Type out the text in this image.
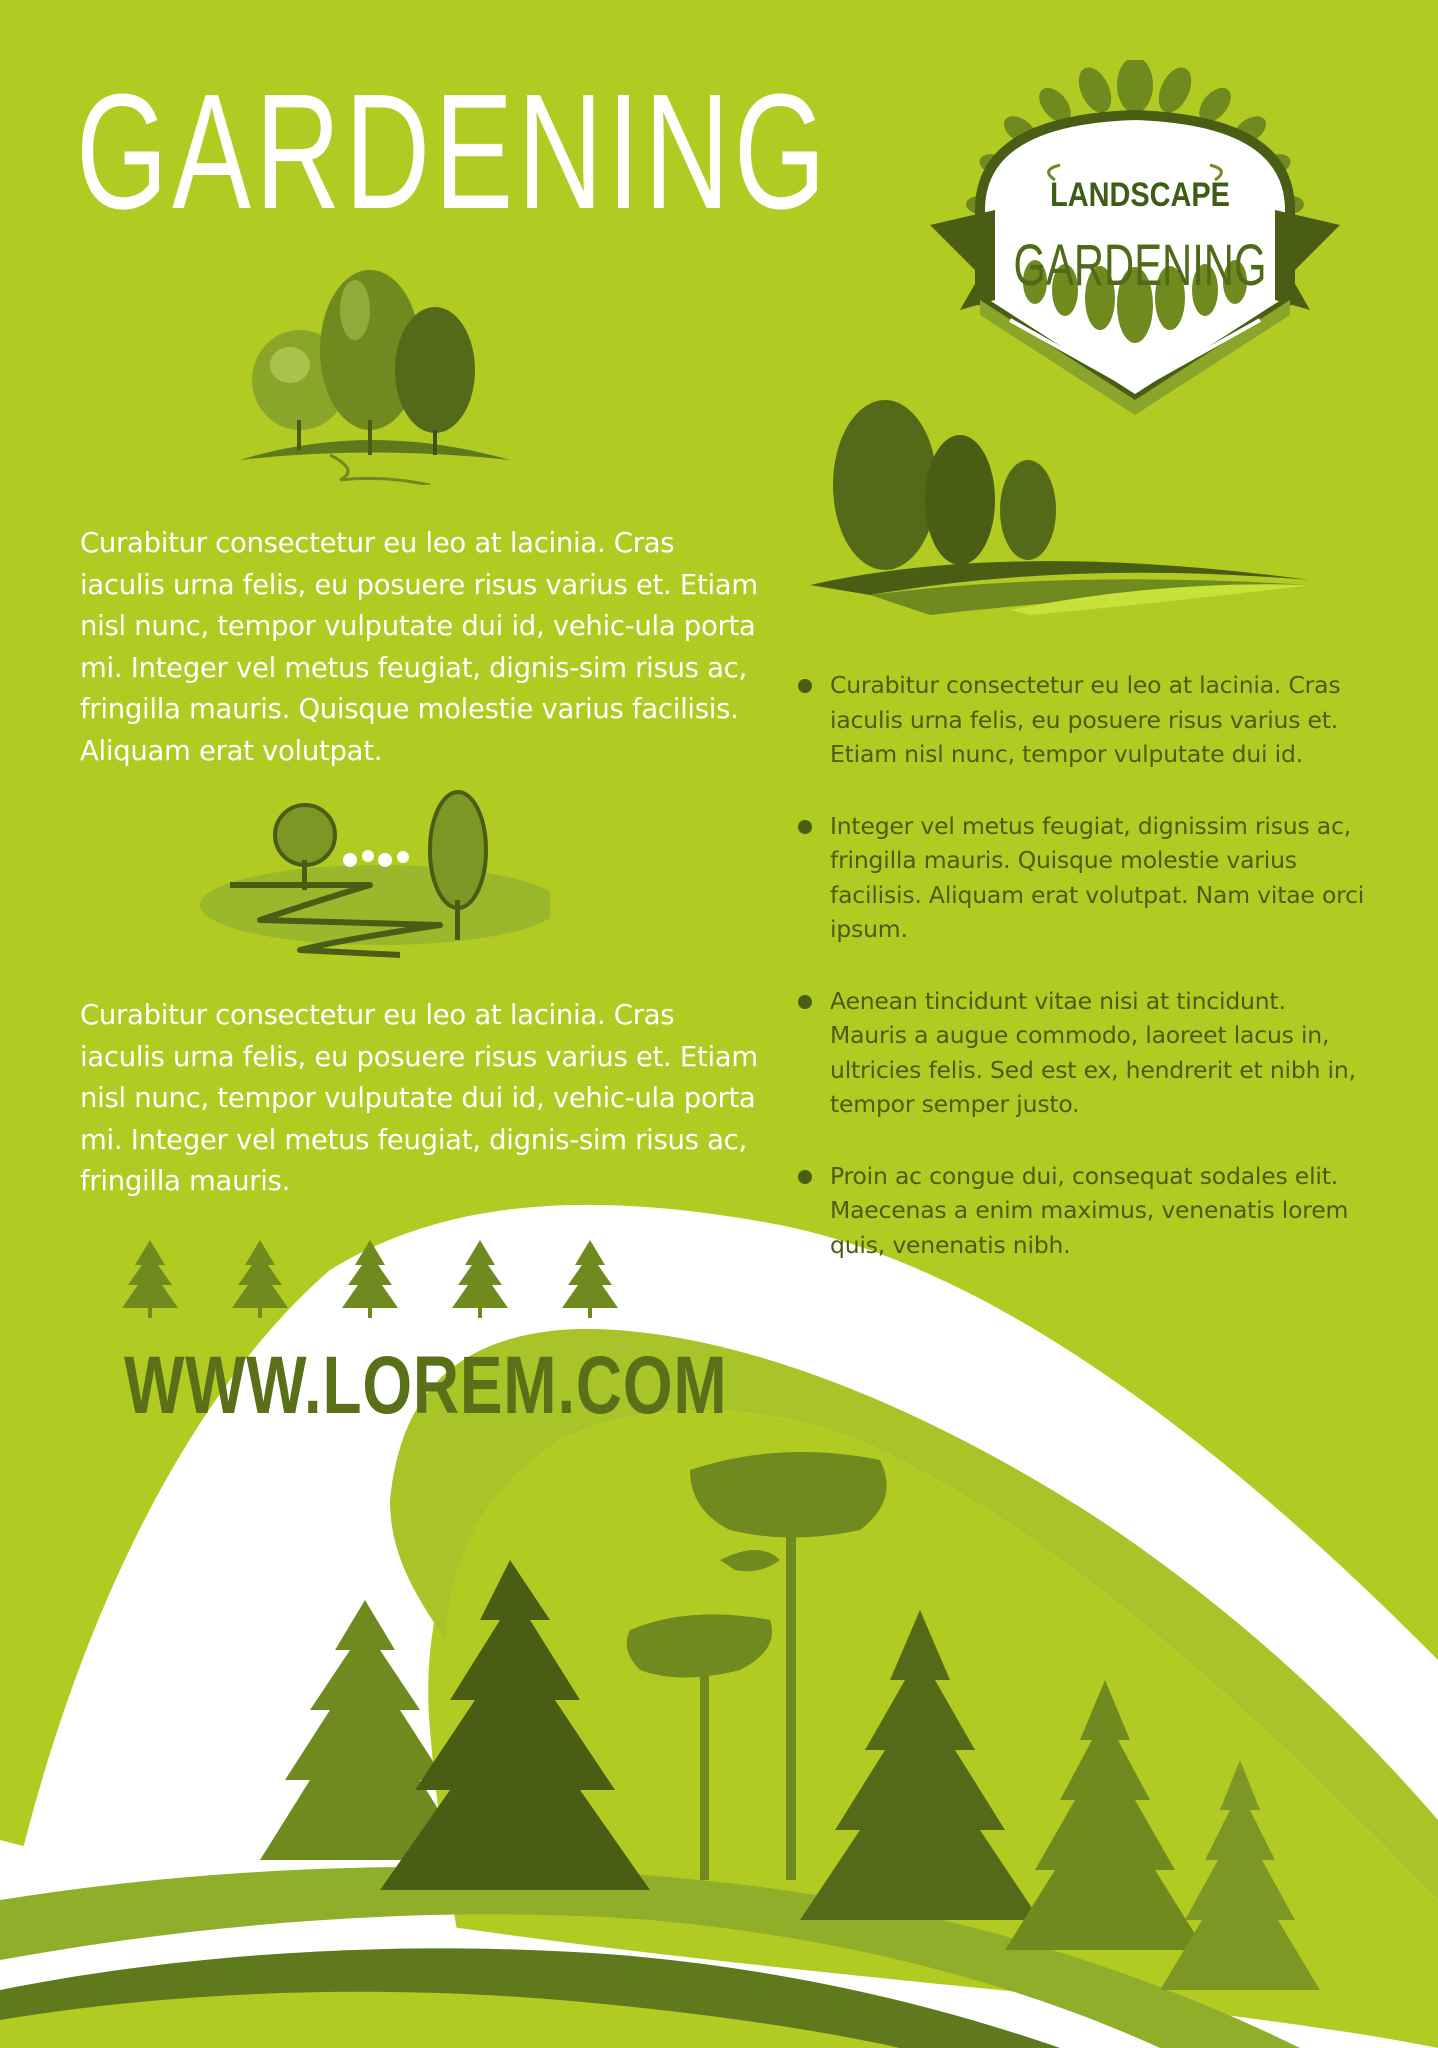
GARDENING

Curabitur consectetur eu leo at lacinia. Cras iaculis urna felis, eu posuere risus varius et. Etiam nisl nunc, tempor vulputate dui id, vehic-ula porta mi. Integer vel metus feugiat, dignis-sim risus ac, fringilla mauris. Quisque molestie varius facilisis. Aliquam erat volutpat.

Curabitur consectetur eu leo at lacinia. Cras iaculis urna felis, eu posuere risus varius et. Etiam nisl nunc, tempor vulputate dui id, vehic-ula porta mi. Integer vel metus feugiat, dignis-sim risus ac, fringilla mauris.

LANDSCAPE

GARDENING

Curabitur consectetur eu leo at lacinia. Cras iaculis urna felis, eu posuere risus varius et. Etiam nisl nunc, tempor vulputate dui id.
Integer vel metus feugiat, dignissim risus ac, fringilla mauris. Quisque molestie varius facilisis. Aliquam erat volutpat. Nam vitae orci ipsum.
Aenean tincidunt vitae nisi at tincidunt. Mauris a augue commodo, laoreet lacus in, ultricies felis. Sed est ex, hendrerit et nibh in, tempor semper justo.
Proin ac congue dui, consequat sodales elit. Maecenas a enim maximus, venenatis lorem quis, venenatis nibh.

WWW.LOREM.COM
